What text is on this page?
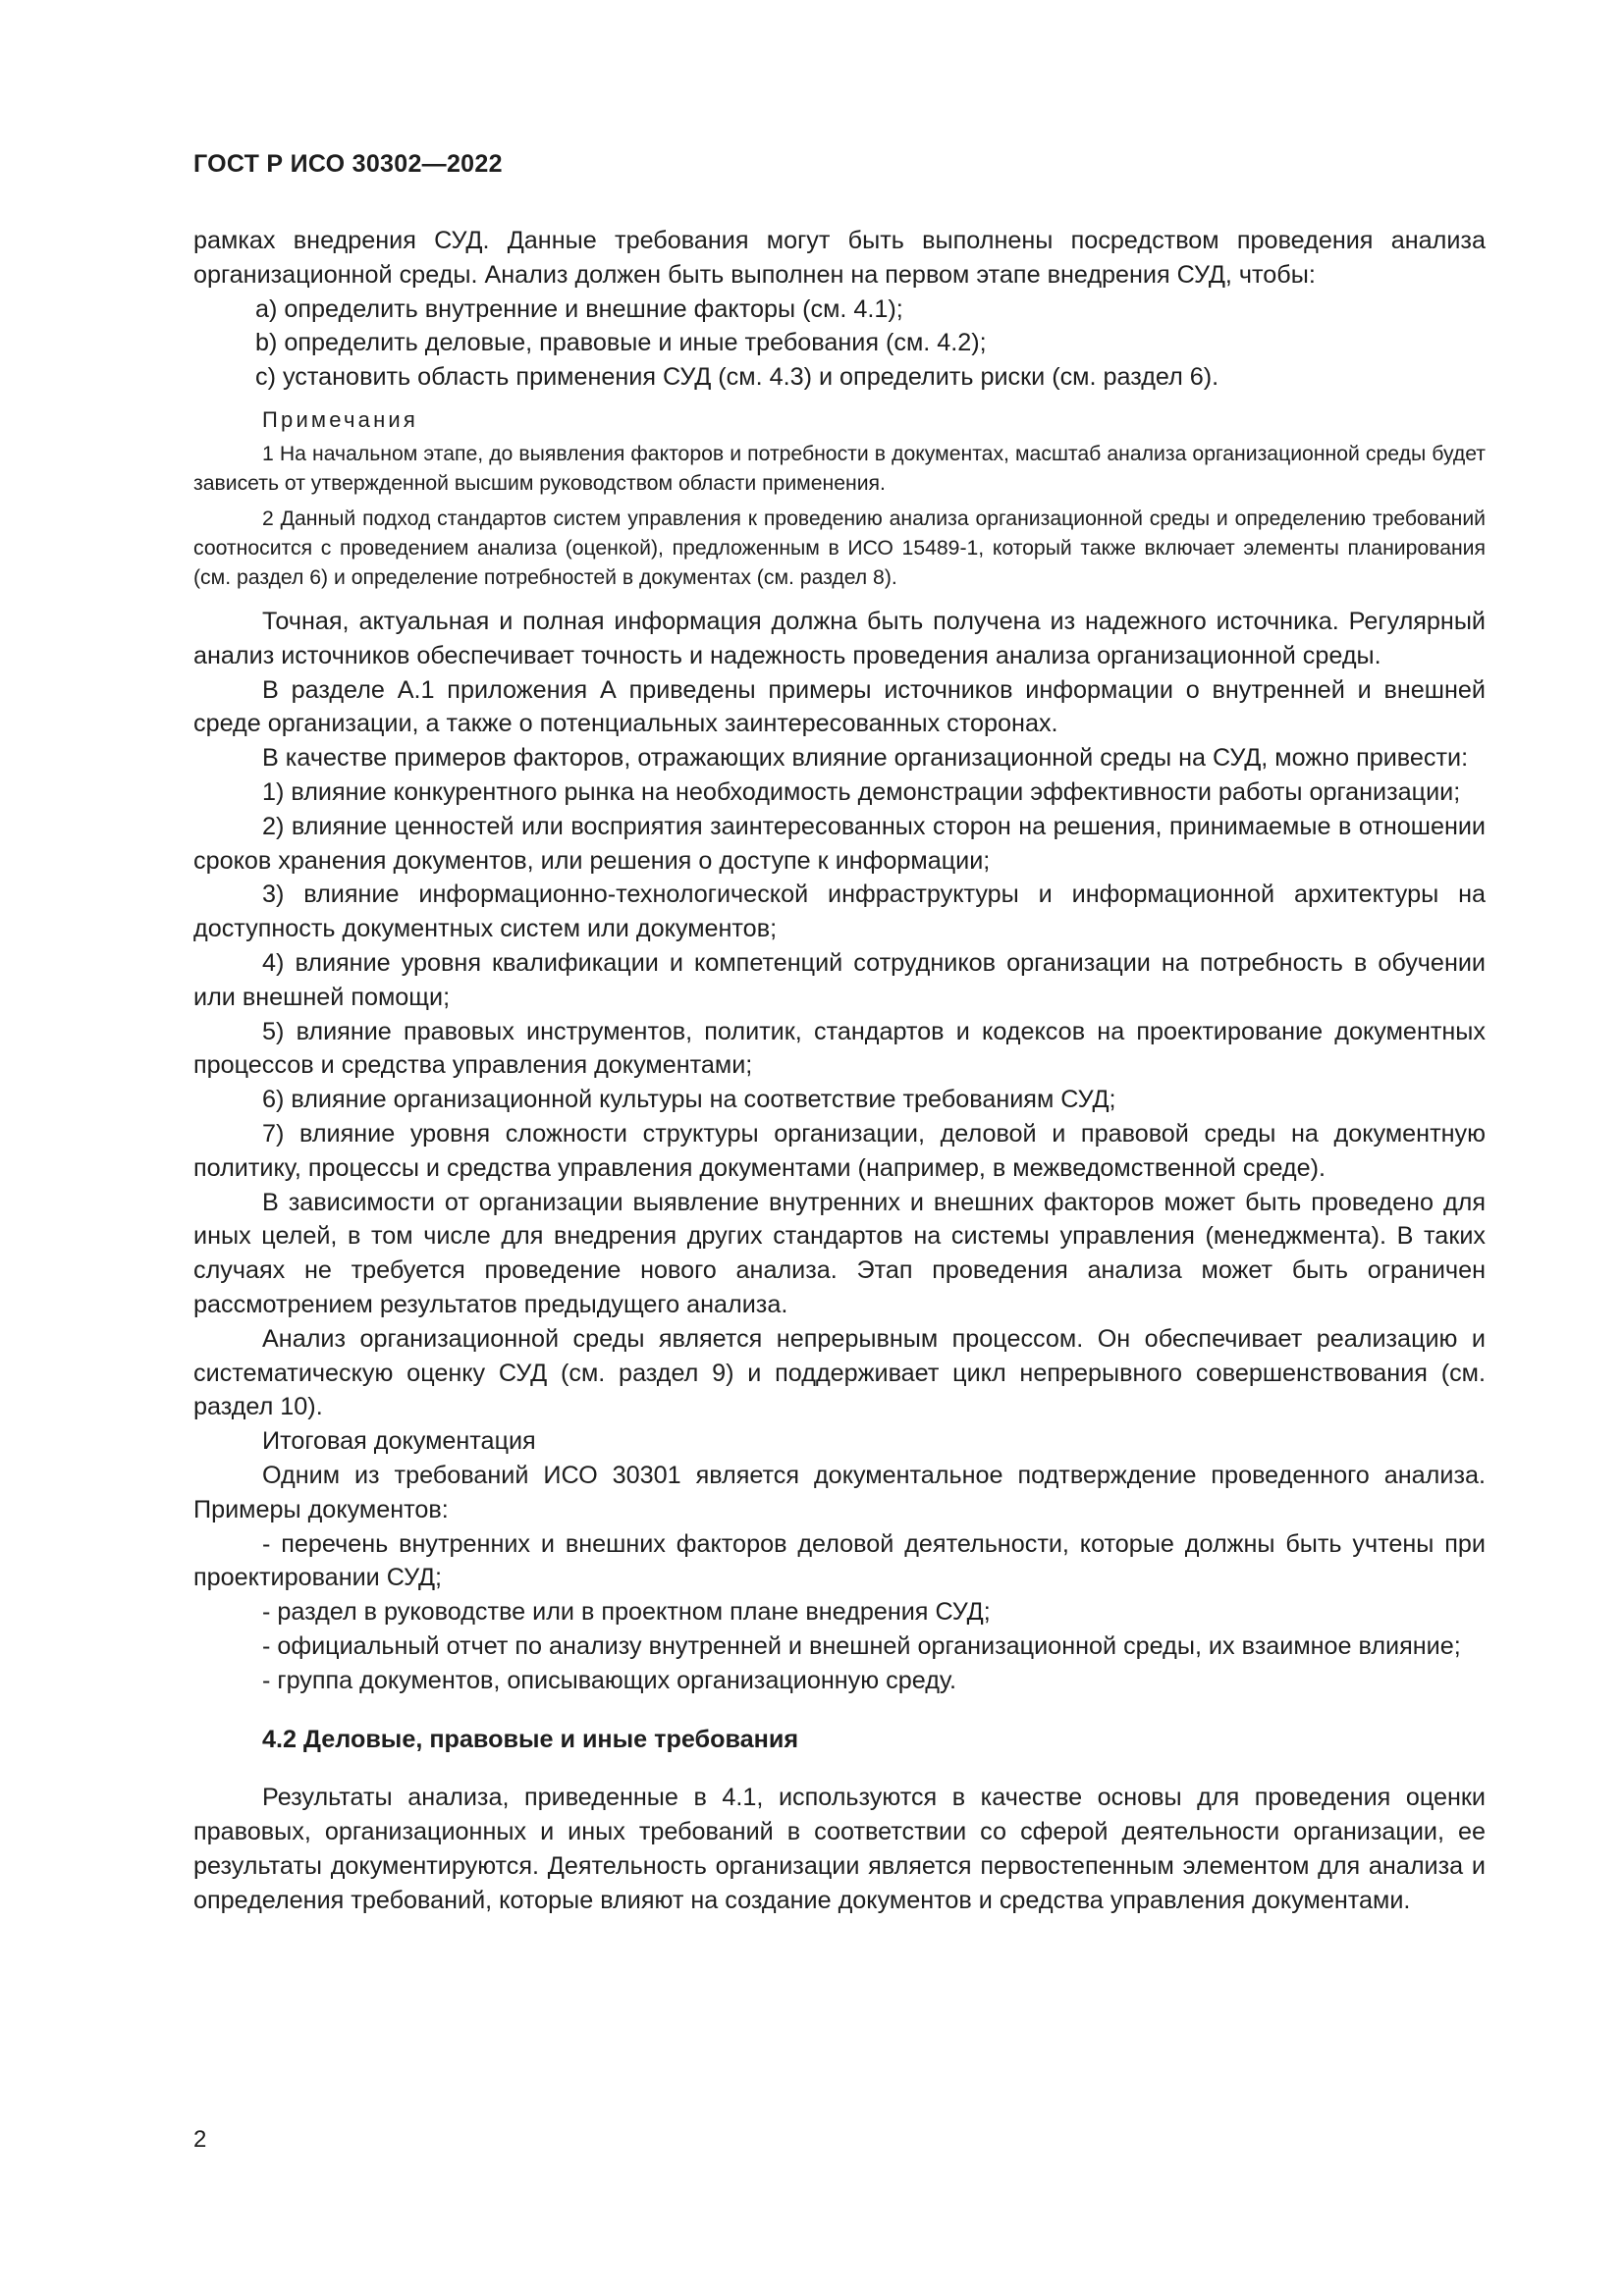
ГОСТ Р ИСО 30302—2022

рамках внедрения СУД. Данные требования могут быть выполнены посредством проведения анализа организационной среды. Анализ должен быть выполнен на первом этапе внедрения СУД, чтобы:

a) определить внутренние и внешние факторы (см. 4.1);

b) определить деловые, правовые и иные требования (см. 4.2);

c) установить область применения СУД (см. 4.3) и определить риски (см. раздел 6).

Примечания

1 На начальном этапе, до выявления факторов и потребности в документах, масштаб анализа организационной среды будет зависеть от утвержденной высшим руководством области применения.

2 Данный подход стандартов систем управления к проведению анализа организационной среды и определению требований соотносится с проведением анализа (оценкой), предложенным в ИСО 15489-1, который также включает элементы планирования (см. раздел 6) и определение потребностей в документах (см. раздел 8).

Точная, актуальная и полная информация должна быть получена из надежного источника. Регулярный анализ источников обеспечивает точность и надежность проведения анализа организационной среды.

В разделе А.1 приложения А приведены примеры источников информации о внутренней и внешней среде организации, а также о потенциальных заинтересованных сторонах.

В качестве примеров факторов, отражающих влияние организационной среды на СУД, можно привести:

1) влияние конкурентного рынка на необходимость демонстрации эффективности работы организации;

2) влияние ценностей или восприятия заинтересованных сторон на решения, принимаемые в отношении сроков хранения документов, или решения о доступе к информации;

3) влияние информационно-технологической инфраструктуры и информационной архитектуры на доступность документных систем или документов;

4) влияние уровня квалификации и компетенций сотрудников организации на потребность в обучении или внешней помощи;

5) влияние правовых инструментов, политик, стандартов и кодексов на проектирование документных процессов и средства управления документами;

6) влияние организационной культуры на соответствие требованиям СУД;

7) влияние уровня сложности структуры организации, деловой и правовой среды на документную политику, процессы и средства управления документами (например, в межведомственной среде).

В зависимости от организации выявление внутренних и внешних факторов может быть проведено для иных целей, в том числе для внедрения других стандартов на системы управления (менеджмента). В таких случаях не требуется проведение нового анализа. Этап проведения анализа может быть ограничен рассмотрением результатов предыдущего анализа.

Анализ организационной среды является непрерывным процессом. Он обеспечивает реализацию и систематическую оценку СУД (см. раздел 9) и поддерживает цикл непрерывного совершенствования (см. раздел 10).

Итоговая документация

Одним из требований ИСО 30301 является документальное подтверждение проведенного анализа. Примеры документов:

- перечень внутренних и внешних факторов деловой деятельности, которые должны быть учтены при проектировании СУД;

- раздел в руководстве или в проектном плане внедрения СУД;

- официальный отчет по анализу внутренней и внешней организационной среды, их взаимное влияние;

- группа документов, описывающих организационную среду.

4.2 Деловые, правовые и иные требования

Результаты анализа, приведенные в 4.1, используются в качестве основы для проведения оценки правовых, организационных и иных требований в соответствии со сферой деятельности организации, ее результаты документируются. Деятельность организации является первостепенным элементом для анализа и определения требований, которые влияют на создание документов и средства управления документами.

2
